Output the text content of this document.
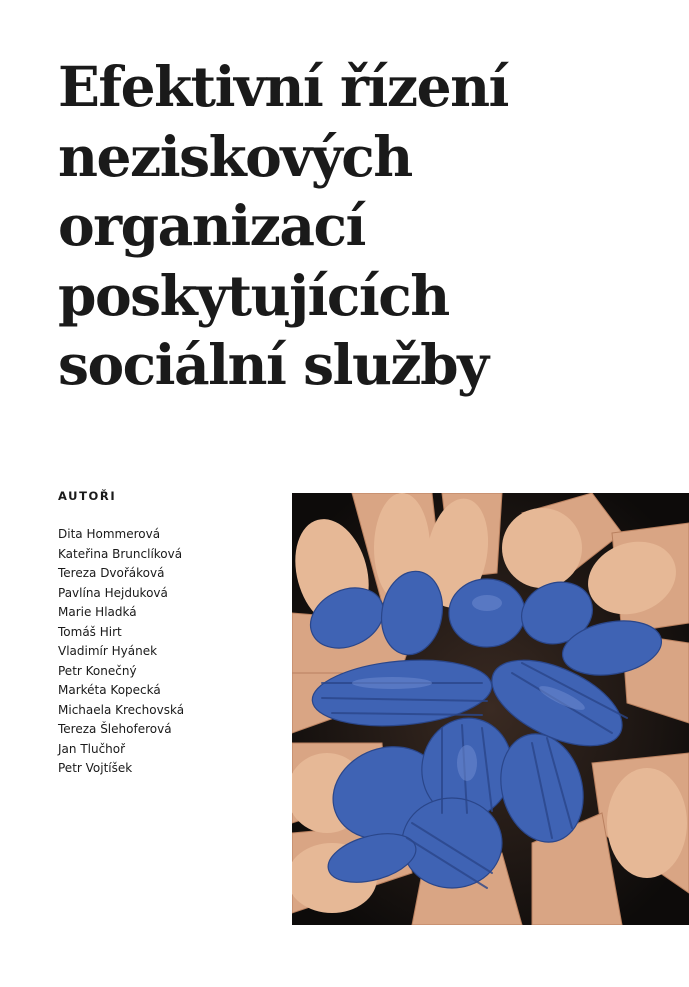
Efektivní řízení
neziskových
organizací
poskytujících
sociální služby
AUTOŘI
Dita Hommerová
Kateřina Brunclíková
Tereza Dvořáková
Pavlína Hejduková
Marie Hladká
Tomáš Hirt
Vladimír Hyánek
Petr Konečný
Markéta Kopecká
Michaela Krechovská
Tereza Šlehoferová
Jan Tlučhoř
Petr Vojtíšek
